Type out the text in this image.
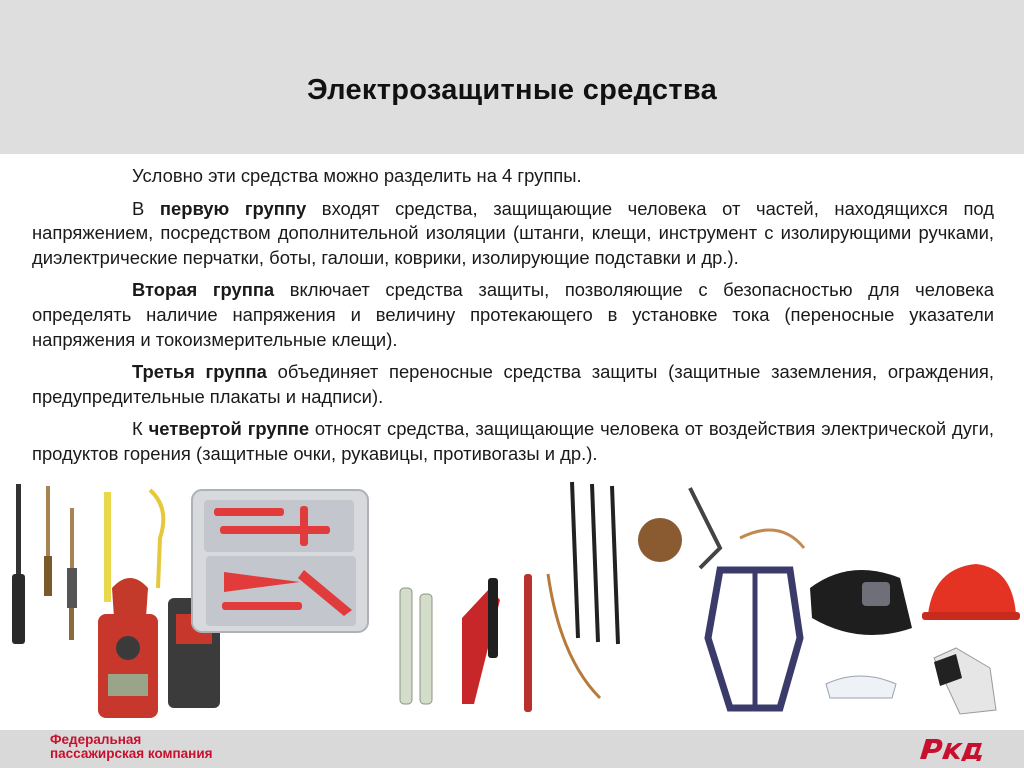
Электрозащитные средства

Условно эти средства можно разделить на 4 группы.

В первую группу входят средства, защищающие человека от частей, находящихся под напряжением, посредством дополнительной изоляции (штанги, клещи, инструмент с изолирующими ручками, диэлектрические перчатки, боты, галоши, коврики, изолирующие подставки и др.).

Вторая группа включает средства защиты, позволяющие с безопасностью для человека определять наличие напряжения и величину протекающего в установке тока (переносные указатели напряжения и токоизмерительные клещи).

Третья группа объединяет переносные средства защиты (защитные заземления, ограждения, предупредительные плакаты и надписи).

К четвертой группе относят средства, защищающие человека от воздействия электрической дуги, продуктов горения (защитные очки, рукавицы, противогазы и др.).

Федеральная
пассажирская компания
